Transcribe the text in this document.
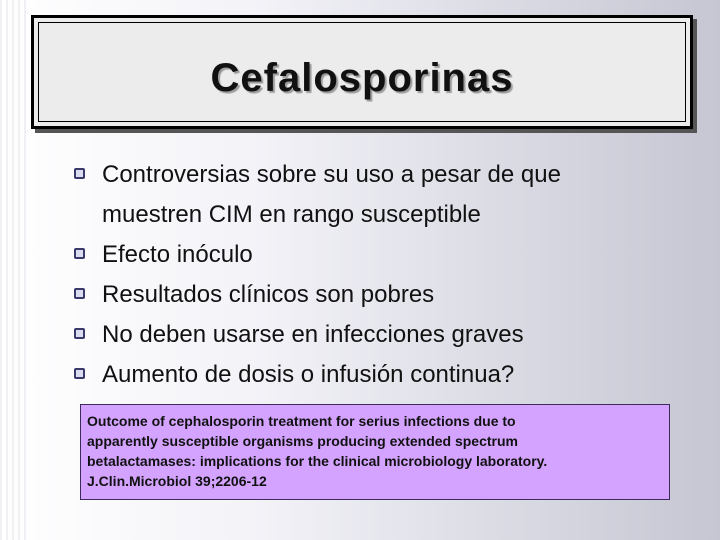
Cefalosporinas
Controversias sobre su uso a pesar de que
muestren CIM en rango susceptible
Efecto inóculo
Resultados clínicos son pobres
No deben usarse en infecciones graves
Aumento de dosis o infusión continua?
Outcome of cephalosporin treatment for serius infections due to
apparently susceptible organisms producing extended spectrum
betalactamases: implications for the clinical microbiology laboratory.
J.Clin.Microbiol 39;2206-12
